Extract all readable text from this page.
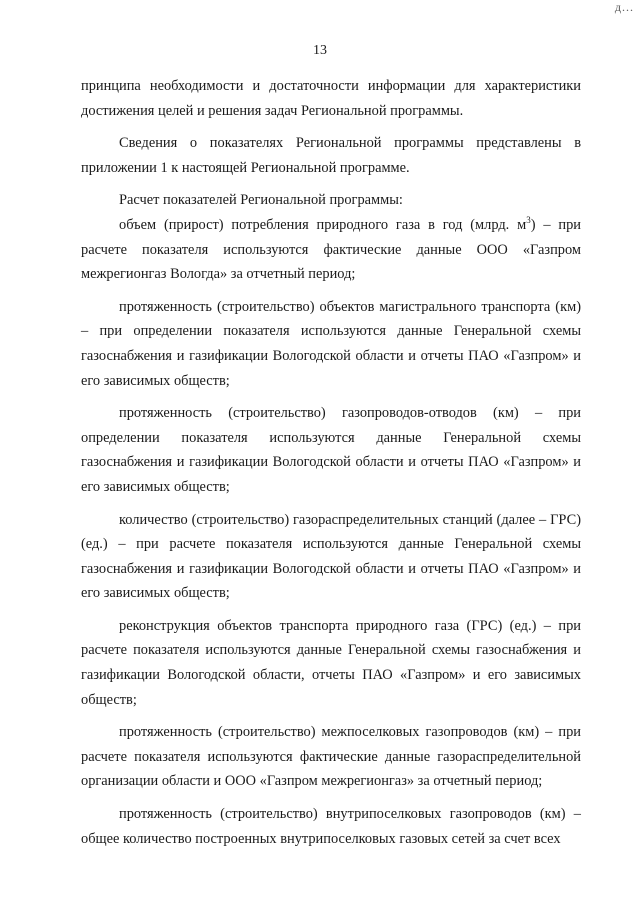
д...
13

принципа необходимости и достаточности информации для характеристики достижения целей и решения задач Региональной программы.

Сведения о показателях Региональной программы представлены в приложении 1 к настоящей Региональной программе.

Расчет показателей Региональной программы:

объем (прирост) потребления природного газа в год (млрд. $м^3$) – при расчете показателя используются фактические данные ООО «Газпром межрегионгаз Вологда» за отчетный период;

протяженность (строительство) объектов магистрального транспорта (км) – при определении показателя используются данные Генеральной схемы газоснабжения и газификации Вологодской области и отчеты ПАО «Газпром» и его зависимых обществ;

протяженность (строительство) газопроводов-отводов (км) – при определении показателя используются данные Генеральной схемы газоснабжения и газификации Вологодской области и отчеты ПАО «Газпром» и его зависимых обществ;

количество (строительство) газораспределительных станций (далее – ГРС) (ед.) – при расчете показателя используются данные Генеральной схемы газоснабжения и газификации Вологодской области и отчеты ПАО «Газпром» и его зависимых обществ;

реконструкция объектов транспорта природного газа (ГРС) (ед.) – при расчете показателя используются данные Генеральной схемы газоснабжения и газификации Вологодской области, отчеты ПАО «Газпром» и его зависимых обществ;

протяженность (строительство) межпоселковых газопроводов (км) – при расчете показателя используются фактические данные газораспределительной организации области и ООО «Газпром межрегионгаз» за отчетный период;

протяженность (строительство) внутрипоселковых газопроводов (км) – общее количество построенных внутрипоселковых газовых сетей за счет всех
